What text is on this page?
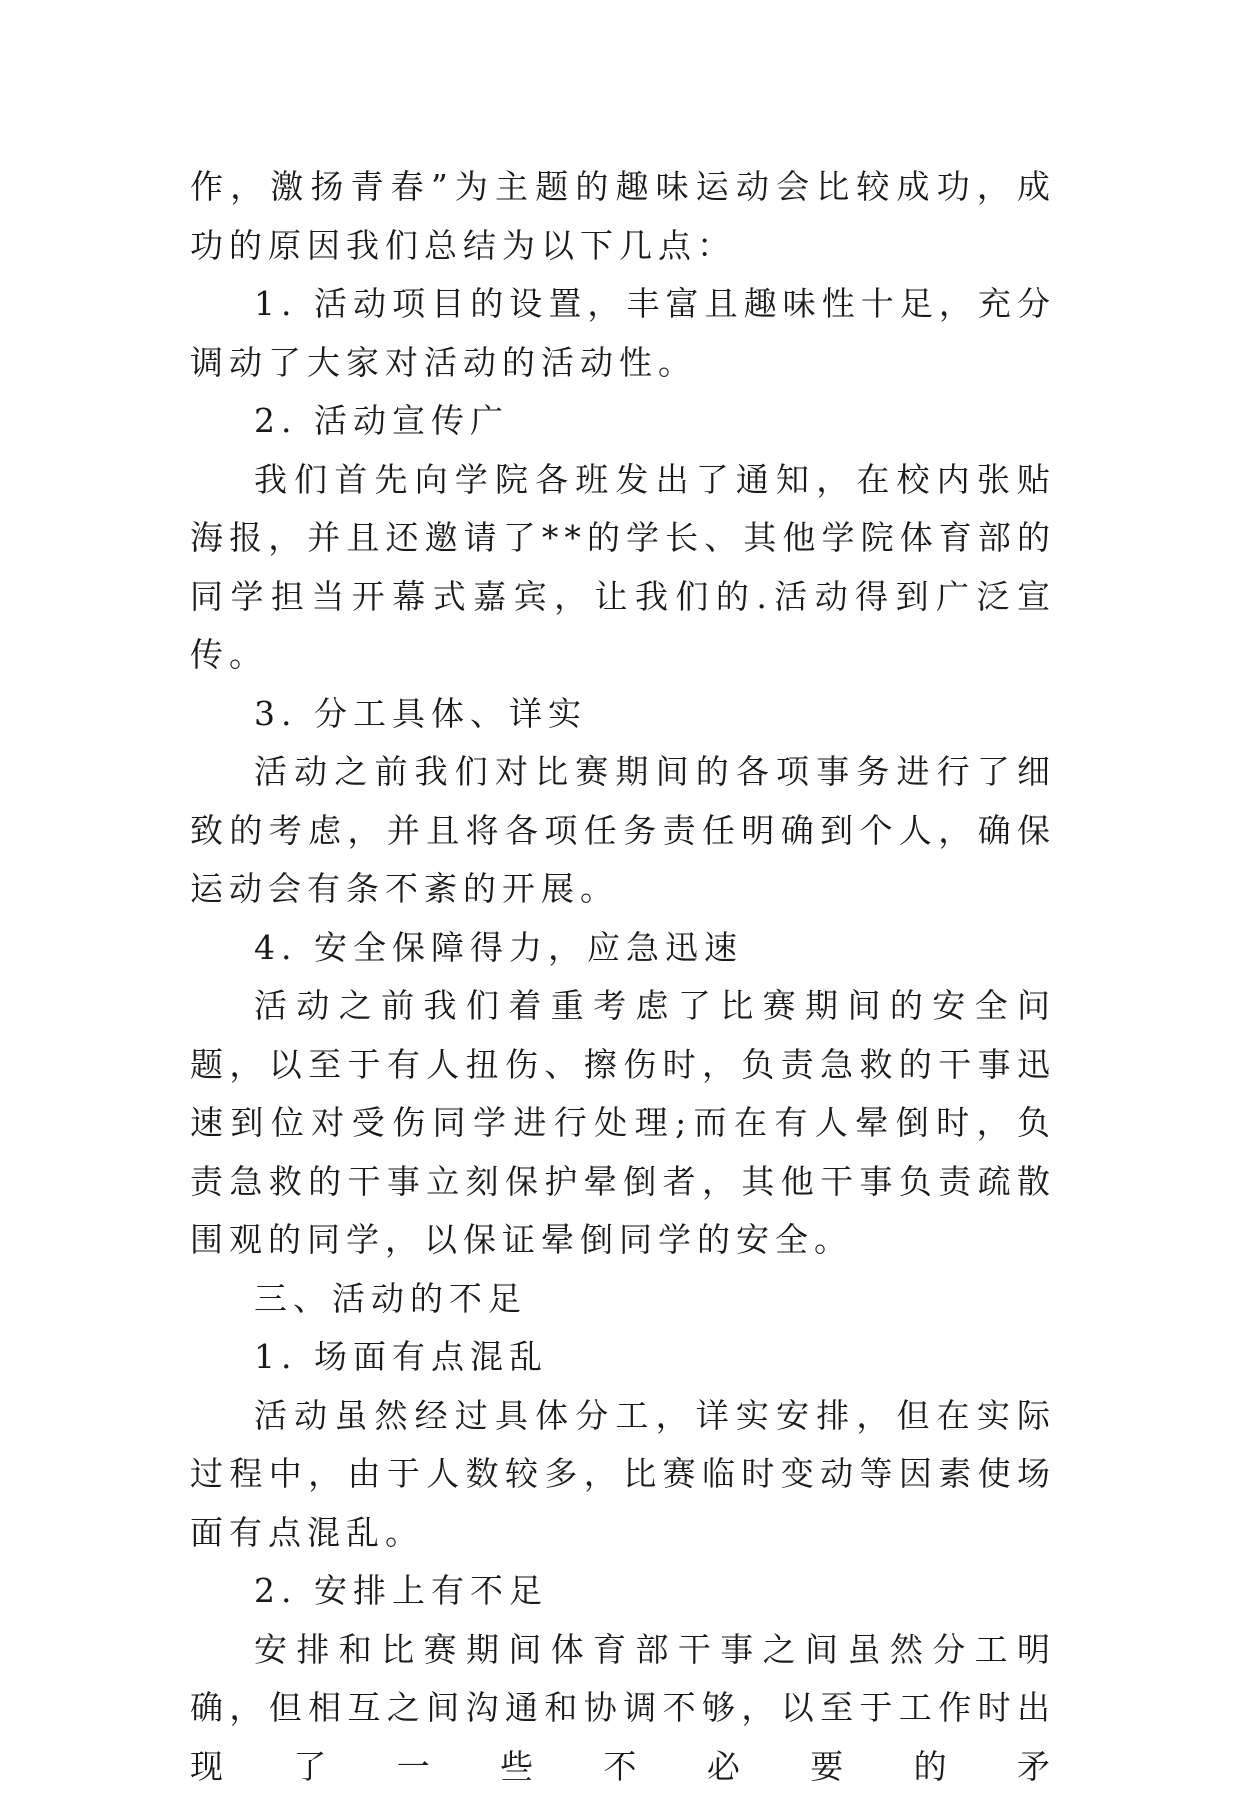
作，激扬青春”为主题的趣味运动会比较成功，成功的原因我们总结为以下几点：

1. 活动项目的设置，丰富且趣味性十足，充分调动了大家对活动的活动性。

2. 活动宣传广

我们首先向学院各班发出了通知，在校内张贴海报，并且还邀请了**的学长、其他学院体育部的同学担当开幕式嘉宾，让我们的.活动得到广泛宣传。

3. 分工具体、详实

活动之前我们对比赛期间的各项事务进行了细致的考虑，并且将各项任务责任明确到个人，确保运动会有条不紊的开展。

4. 安全保障得力，应急迅速

活动之前我们着重考虑了比赛期间的安全问题，以至于有人扭伤、擦伤时，负责急救的干事迅速到位对受伤同学进行处理;而在有人晕倒时，负责急救的干事立刻保护晕倒者，其他干事负责疏散围观的同学，以保证晕倒同学的安全。

三、活动的不足

1. 场面有点混乱

活动虽然经过具体分工，详实安排，但在实际过程中，由于人数较多，比赛临时变动等因素使场面有点混乱。

2. 安排上有不足

安排和比赛期间体育部干事之间虽然分工明确，但相互之间沟通和协调不够，以至于工作时出现了一些不必要的矛
